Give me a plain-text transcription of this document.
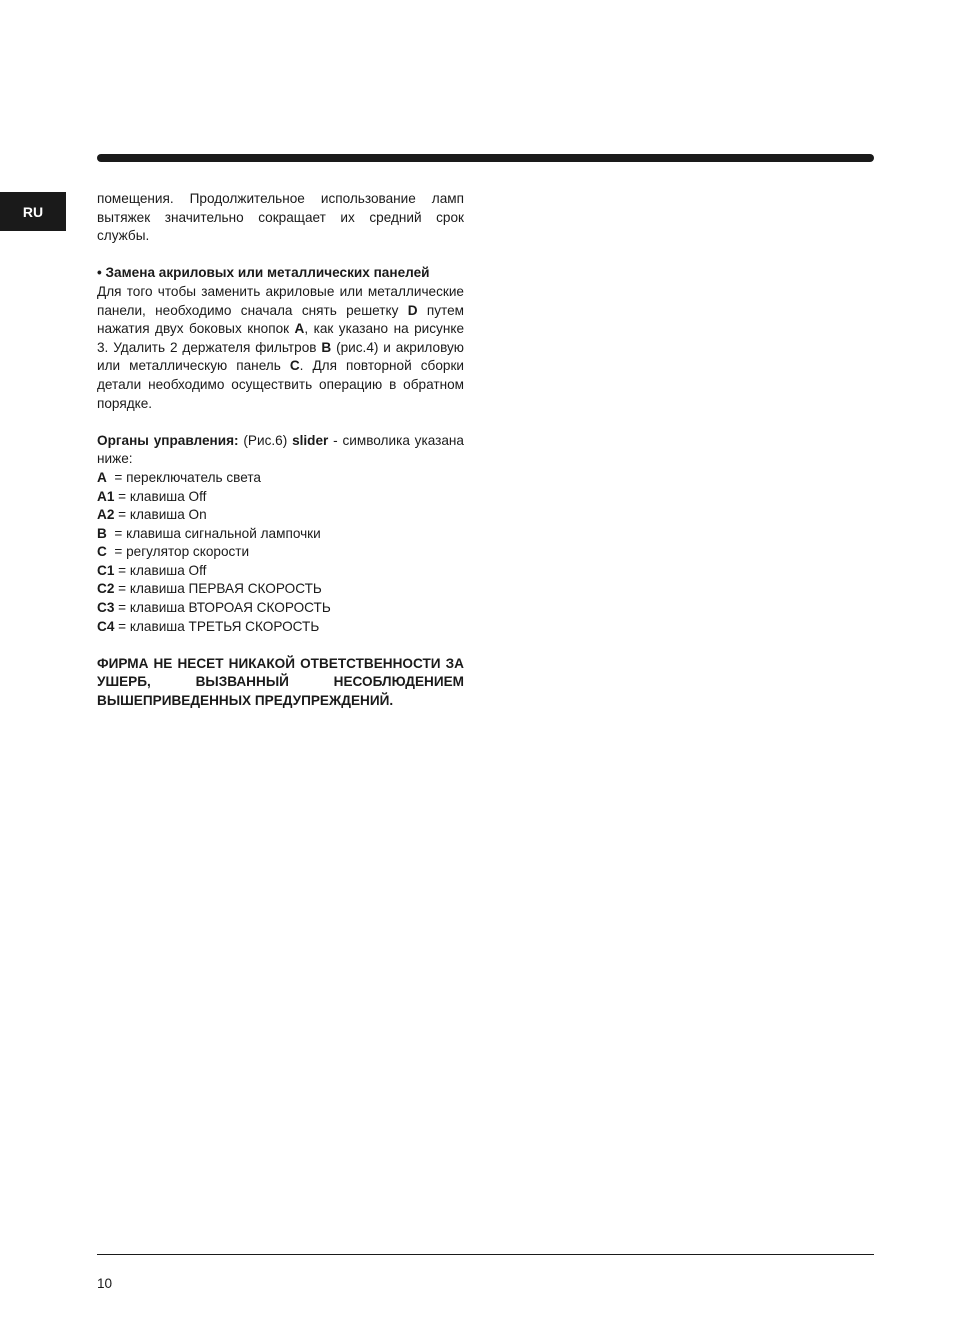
RU

помещения. Продолжительное использование ламп вытяжек значительно сокращает их средний срок службы.

• Замена акриловых или металлических панелей

Для того чтобы заменить акриловые или металлические панели, необходимо сначала снять решетку D путем нажатия двух боковых кнопок A, как указано на рисунке 3. Удалить 2 держателя фильтров B (рис.4) и акриловую или металлическую панель C. Для повторной сборки детали необходимо осуществить операцию в обратном порядке.

Органы управления: (Рис.6) slider - символика указана ниже:

A  = переключатель света

A1 = клавиша Off

A2 = клавиша On

B  = клавиша сигнальной лампочки

C  = регулятор скорости

C1 = клавиша Off

C2 = клавиша ПЕРВАЯ СКОРОСТЬ

C3 = клавиша ВТОРОАЯ СКОРОСТЬ

C4 = клавиша ТРЕТЬЯ СКОРОСТЬ

ФИРМА НЕ НЕСЕТ НИКАКОЙ ОТВЕТСТВЕННОСТИ ЗА УШЕРБ, ВЫЗВАННЫЙ НЕСОБЛЮДЕНИЕМ ВЫШЕПРИВЕДЕННЫХ ПРЕДУПРЕЖДЕНИЙ.

10
